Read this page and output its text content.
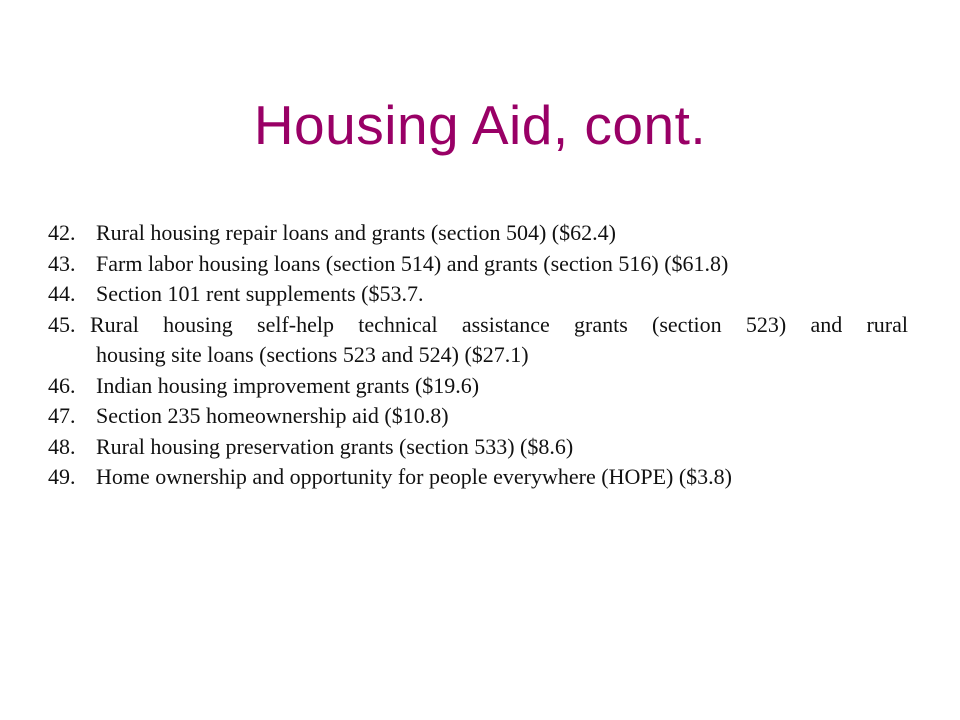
Housing Aid, cont.
42. Rural housing repair loans and grants (section 504) ($62.4)
43. Farm labor housing loans (section 514) and grants (section 516) ($61.8)
44. Section 101 rent supplements ($53.7.
45. Rural housing self-help technical assistance grants (section 523) and rural
housing site loans (sections 523 and 524) ($27.1)
46. Indian housing improvement grants ($19.6)
47. Section 235 homeownership aid ($10.8)
48. Rural housing preservation grants (section 533) ($8.6)
49. Home ownership and opportunity for people everywhere (HOPE) ($3.8)
